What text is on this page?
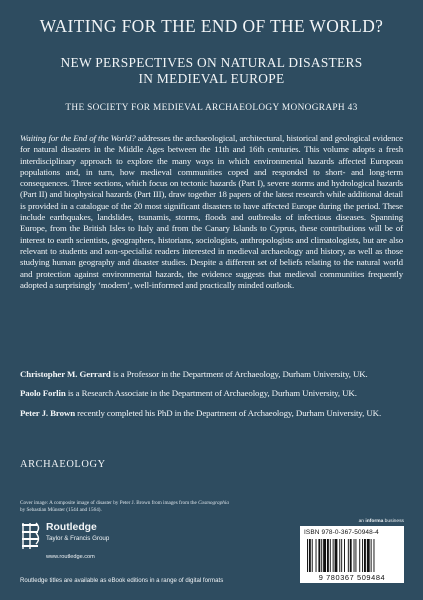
WAITING FOR THE END OF THE WORLD?
NEW PERSPECTIVES ON NATURAL DISASTERS
IN MEDIEVAL EUROPE
THE SOCIETY FOR MEDIEVAL ARCHAEOLOGY MONOGRAPH 43
Waiting for the End of the World? addresses the archaeological, architectural, historical and geological evidence for natural disasters in the Middle Ages between the 11th and 16th centuries. This volume adopts a fresh interdisciplinary approach to explore the many ways in which environmental hazards affected European populations and, in turn, how medieval communities coped and responded to short- and long-term consequences. Three sections, which focus on tectonic hazards (Part I), severe storms and hydrological hazards (Part II) and biophysical hazards (Part III), draw together 18 papers of the latest research while additional detail is provided in a catalogue of the 20 most significant disasters to have affected Europe during the period. These include earthquakes, landslides, tsunamis, storms, floods and outbreaks of infectious diseases. Spanning Europe, from the British Isles to Italy and from the Canary Islands to Cyprus, these contributions will be of interest to earth scientists, geographers, historians, sociologists, anthropologists and climatologists, but are also relevant to students and non-specialist readers interested in medieval archaeology and history, as well as those studying human geography and disaster studies. Despite a different set of beliefs relating to the natural world and protection against environmental hazards, the evidence suggests that medieval communities frequently adopted a surprisingly ‘modern’, well-informed and practically minded outlook.

Christopher M. Gerrard is a Professor in the Department of Archaeology, Durham University, UK.

Paolo Forlin is a Research Associate in the Department of Archaeology, Durham University, UK.

Peter J. Brown recently completed his PhD in the Department of Archaeology, Durham University, UK.

ARCHAEOLOGY
Cover image: A composite image of disaster by Peter J. Brown from images from the Cosmographia by Sebastian Münster (1544 and 1564).
Routledge
Taylor & Francis Group
www.routledge.com
an informa business
ISBN 978-0-367-50948-4
9 780367 509484
Routledge titles are available as eBook editions in a range of digital formats
